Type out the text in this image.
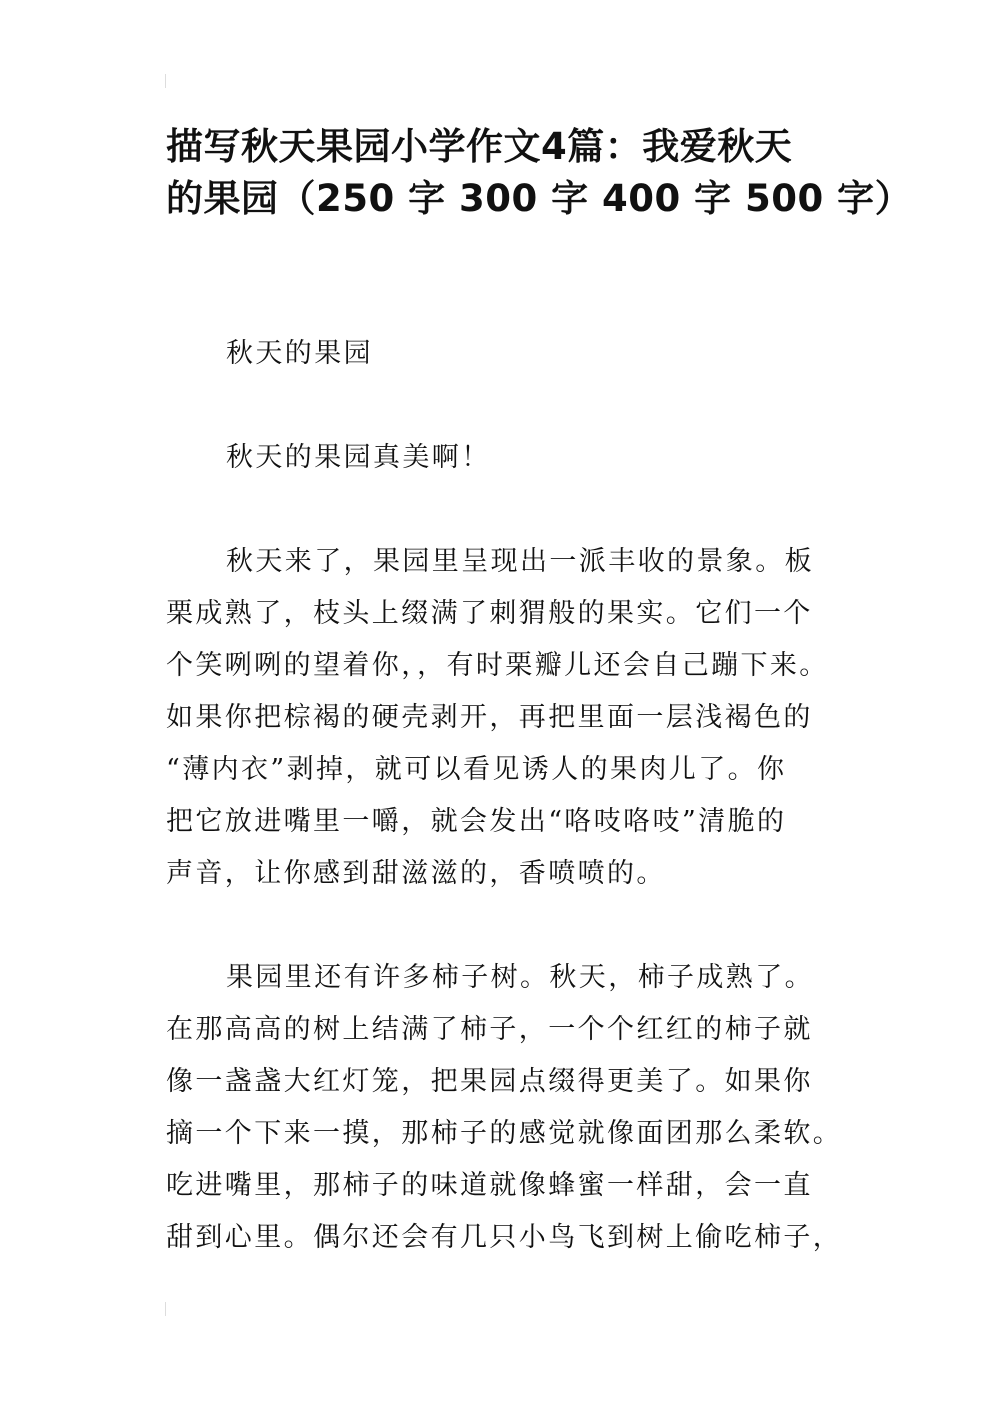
描写秋天果园小学作文4篇：我爱秋天
的果园（250 字 300 字 400 字 500 字）
秋天的果园
秋天的果园真美啊！
秋天来了，果园里呈现出一派丰收的景象。板
栗成熟了，枝头上缀满了刺猬般的果实。它们一个
个笑咧咧的望着你，，有时栗瓣儿还会自己蹦下来。
如果你把棕褐的硬壳剥开，再把里面一层浅褐色的
“薄内衣”剥掉，就可以看见诱人的果肉儿了。你
把它放进嘴里一嚼，就会发出“咯吱咯吱”清脆的
声音，让你感到甜滋滋的，香喷喷的。
果园里还有许多柿子树。秋天，柿子成熟了。
在那高高的树上结满了柿子，一个个红红的柿子就
像一盏盏大红灯笼，把果园点缀得更美了。如果你
摘一个下来一摸，那柿子的感觉就像面团那么柔软。
吃进嘴里，那柿子的味道就像蜂蜜一样甜，会一直
甜到心里。偶尔还会有几只小鸟飞到树上偷吃柿子，
